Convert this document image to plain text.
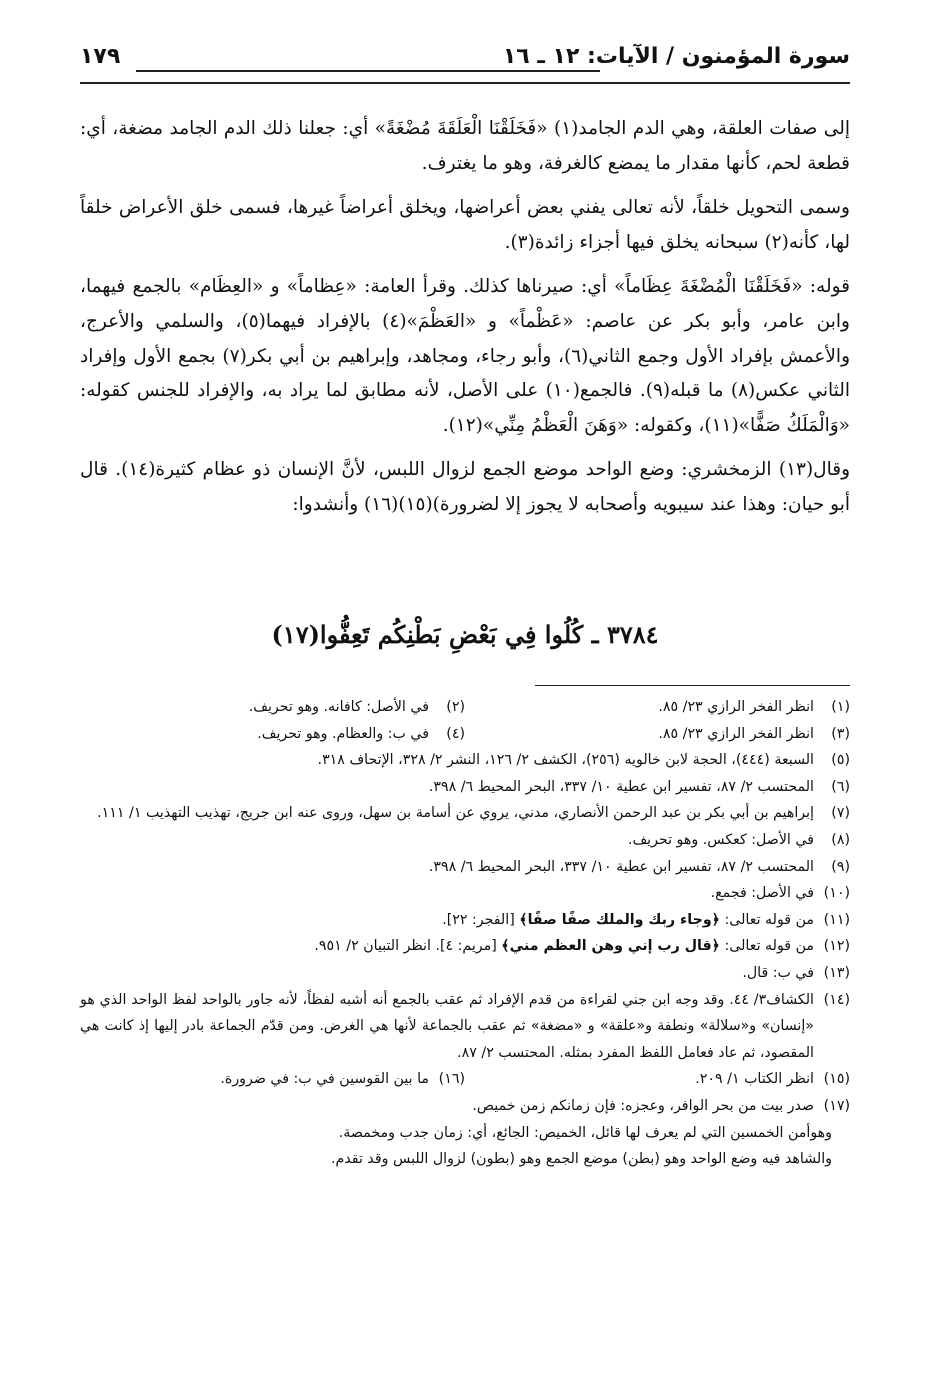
سورة المؤمنون / الآيات: ١٢ ـ ١٦
١٧٩

إلى صفات العلقة، وهي الدم الجامد(١) «فَخَلَقْنَا الْعَلَقَةَ مُضْغَةً» أي: جعلنا ذلك الدم الجامد مضغة، أي: قطعة لحم، كأنها مقدار ما يمضع كالغرفة، وهو ما يغترف.

وسمى التحويل خلقاً، لأنه تعالى يفني بعض أعراضها، ويخلق أعراضاً غيرها، فسمى خلق الأعراض خلقاً لها، كأنه(٢) سبحانه يخلق فيها أجزاء زائدة(٣).

قوله: «فَخَلَقْنَا الْمُضْغَةَ عِظَاماً» أي: صيرناها كذلك. وقرأ العامة: «عِظاماً» و «العِظَام» بالجمع فيهما، وابن عامر، وأبو بكر عن عاصم: «عَظْماً» و «العَظْمَ»(٤) بالإفراد فيهما(٥)، والسلمي والأعرج، والأعمش بإفراد الأول وجمع الثاني(٦)، وأبو رجاء، ومجاهد، وإبراهيم بن أبي بكر(٧) بجمع الأول وإفراد الثاني عكس(٨) ما قبله(٩). فالجمع(١٠) على الأصل، لأنه مطابق لما يراد به، والإفراد للجنس كقوله: «وَالْمَلَكُ صَفًّا»(١١)، وكقوله: «وَهَنَ الْعَظْمُ مِنِّي»(١٢).

وقال(١٣) الزمخشري: وضع الواحد موضع الجمع لزوال اللبس، لأنَّ الإنسان ذو عظام كثيرة(١٤). قال أبو حيان: وهذا عند سيبويه وأصحابه لا يجوز إلا لضرورة)(١٥)(١٦) وأنشدوا:

٣٧٨٤ ـ كُلُوا فِي بَعْضِ بَطْنِكُم تَعِفُّوا(١٧)
(١)
انظر الفخر الرازي ٢٣/ ٨٥.
(٢)
في الأصل: كافانه. وهو تحريف.
(٣)
انظر الفخر الرازي ٢٣/ ٨٥.
(٤)
في ب: والعظام. وهو تحريف.
(٥)
السبعة (٤٤٤)، الحجة لابن خالويه (٢٥٦)، الكشف ٢/ ١٢٦، النشر ٢/ ٣٢٨، الإتحاف ٣١٨.
(٦)
المحتسب ٢/ ٨٧، تفسير ابن عطية ١٠/ ٣٣٧، البحر المحيط ٦/ ٣٩٨.
(٧)
إبراهيم بن أبي بكر بن عبد الرحمن الأنصاري، مدني، يروي عن أسامة بن سهل، وروى عنه ابن جريج، تهذيب التهذيب ١/ ١١١.
(٨)
في الأصل: كعكس. وهو تحريف.
(٩)
المحتسب ٢/ ٨٧، تفسير ابن عطية ١٠/ ٣٣٧، البحر المحيط ٦/ ٣٩٨.
(١٠)
في الأصل: فجمع.
(١١)
من قوله تعالى: ﴿وجاء ربك والملك صفًا صفًا﴾ [الفجر: ٢٢].
(١٢)
من قوله تعالى: ﴿قال رب إني وهن العظم مني﴾ [مريم: ٤]. انظر التبيان ٢/ ٩٥١.
(١٣)
في ب: قال.
(١٤)
الكشاف٣/ ٤٤. وقد وجه ابن جني لقراءة من قدم الإفراد ثم عقب بالجمع أنه أشبه لفظاً، لأنه جاور بالواحد لفظ الواحد الذي هو «إنسان» و«سلالة» ونطفة و«علقة» و «مضغة» ثم عقب بالجماعة لأنها هي الغرض. ومن قدّم الجماعة بادر إليها إذ كانت هي المقصود، ثم عاد فعامل اللفظ المفرد بمثله. المحتسب ٢/ ٨٧.
(١٥)
انظر الكتاب ١/ ٢٠٩.
(١٦)
ما بين القوسين في ب: في ضرورة.
(١٧)
صدر بيت من بحر الوافر، وعجزه: فإن زمانكم زمن خميص.
وهوأمن الخمسين التي لم يعرف لها قائل، الخميص: الجائع، أي: زمان جدب ومخمصة.
والشاهد فيه وضع الواحد وهو (بطن) موضع الجمع وهو (بطون) لزوال اللبس وقد تقدم.
